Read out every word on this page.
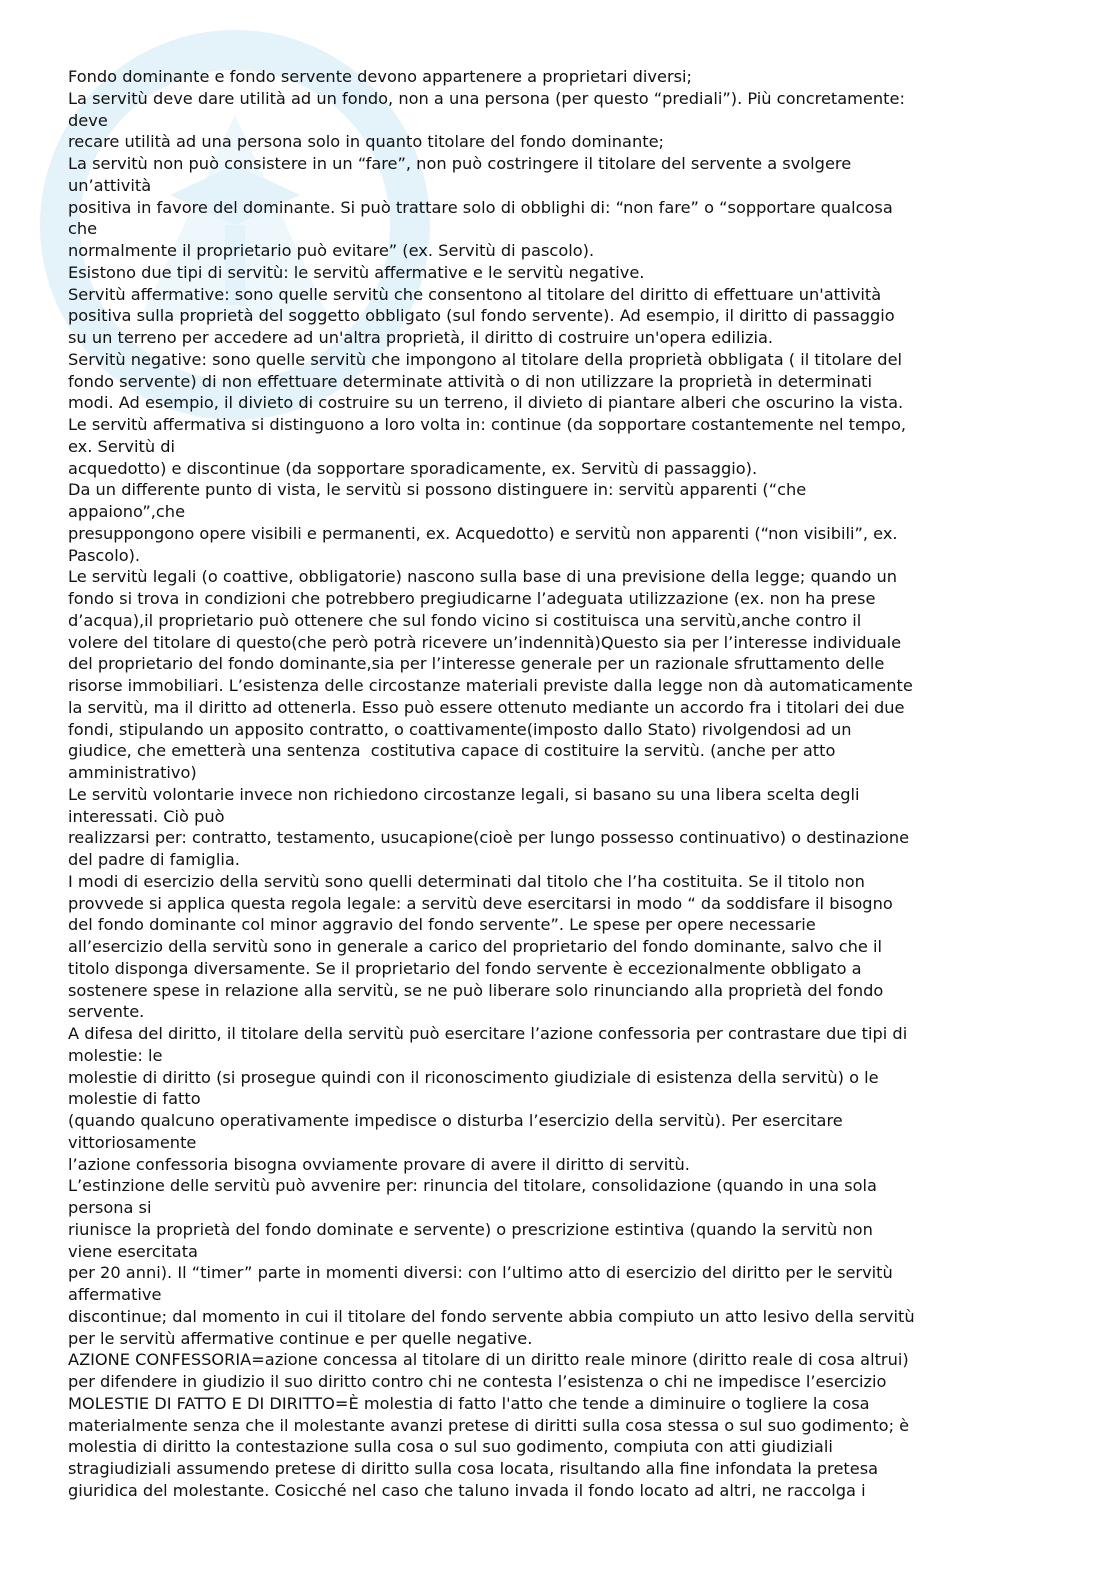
Fondo dominante e fondo servente devono appartenere a proprietari diversi;
La servitù deve dare utilità ad un fondo, non a una persona (per questo “prediali”). Più concretamente:
deve
recare utilità ad una persona solo in quanto titolare del fondo dominante;
La servitù non può consistere in un “fare”, non può costringere il titolare del servente a svolgere
un’attività
positiva in favore del dominante. Si può trattare solo di obblighi di: “non fare” o “sopportare qualcosa
che
normalmente il proprietario può evitare” (ex. Servitù di pascolo).
Esistono due tipi di servitù: le servitù affermative e le servitù negative.
Servitù affermative: sono quelle servitù che consentono al titolare del diritto di effettuare un'attività
positiva sulla proprietà del soggetto obbligato (sul fondo servente). Ad esempio, il diritto di passaggio
su un terreno per accedere ad un'altra proprietà, il diritto di costruire un'opera edilizia.
Servitù negative: sono quelle servitù che impongono al titolare della proprietà obbligata ( il titolare del
fondo servente) di non effettuare determinate attività o di non utilizzare la proprietà in determinati
modi. Ad esempio, il divieto di costruire su un terreno, il divieto di piantare alberi che oscurino la vista.
Le servitù affermativa si distinguono a loro volta in: continue (da sopportare costantemente nel tempo,
ex. Servitù di
acquedotto) e discontinue (da sopportare sporadicamente, ex. Servitù di passaggio).
Da un differente punto di vista, le servitù si possono distinguere in: servitù apparenti (“che
appaiono”,che
presuppongono opere visibili e permanenti, ex. Acquedotto) e servitù non apparenti (“non visibili”, ex.
Pascolo).
Le servitù legali (o coattive, obbligatorie) nascono sulla base di una previsione della legge; quando un
fondo si trova in condizioni che potrebbero pregiudicarne l’adeguata utilizzazione (ex. non ha prese
d’acqua),il proprietario può ottenere che sul fondo vicino si costituisca una servitù,anche contro il
volere del titolare di questo(che però potrà ricevere un’indennità)Questo sia per l’interesse individuale
del proprietario del fondo dominante,sia per l’interesse generale per un razionale sfruttamento delle
risorse immobiliari. L’esistenza delle circostanze materiali previste dalla legge non dà automaticamente
la servitù, ma il diritto ad ottenerla. Esso può essere ottenuto mediante un accordo fra i titolari dei due
fondi, stipulando un apposito contratto, o coattivamente(imposto dallo Stato) rivolgendosi ad un
giudice, che emetterà una sentenza  costitutiva capace di costituire la servitù. (anche per atto
amministrativo)
Le servitù volontarie invece non richiedono circostanze legali, si basano su una libera scelta degli
interessati. Ciò può
realizzarsi per: contratto, testamento, usucapione(cioè per lungo possesso continuativo) o destinazione
del padre di famiglia.
I modi di esercizio della servitù sono quelli determinati dal titolo che l’ha costituita. Se il titolo non
provvede si applica questa regola legale: a servitù deve esercitarsi in modo “ da soddisfare il bisogno
del fondo dominante col minor aggravio del fondo servente”. Le spese per opere necessarie
all’esercizio della servitù sono in generale a carico del proprietario del fondo dominante, salvo che il
titolo disponga diversamente. Se il proprietario del fondo servente è eccezionalmente obbligato a
sostenere spese in relazione alla servitù, se ne può liberare solo rinunciando alla proprietà del fondo
servente.
A difesa del diritto, il titolare della servitù può esercitare l’azione confessoria per contrastare due tipi di
molestie: le
molestie di diritto (si prosegue quindi con il riconoscimento giudiziale di esistenza della servitù) o le
molestie di fatto
(quando qualcuno operativamente impedisce o disturba l’esercizio della servitù). Per esercitare
vittoriosamente
l’azione confessoria bisogna ovviamente provare di avere il diritto di servitù.
L’estinzione delle servitù può avvenire per: rinuncia del titolare, consolidazione (quando in una sola
persona si
riunisce la proprietà del fondo dominate e servente) o prescrizione estintiva (quando la servitù non
viene esercitata
per 20 anni). Il “timer” parte in momenti diversi: con l’ultimo atto di esercizio del diritto per le servitù
affermative
discontinue; dal momento in cui il titolare del fondo servente abbia compiuto un atto lesivo della servitù
per le servitù affermative continue e per quelle negative.
AZIONE CONFESSORIA=azione concessa al titolare di un diritto reale minore (diritto reale di cosa altrui)
per difendere in giudizio il suo diritto contro chi ne contesta l’esistenza o chi ne impedisce l’esercizio
MOLESTIE DI FATTO E DI DIRITTO=È molestia di fatto l'atto che tende a diminuire o togliere la cosa
materialmente senza che il molestante avanzi pretese di diritti sulla cosa stessa o sul suo godimento; è
molestia di diritto la contestazione sulla cosa o sul suo godimento, compiuta con atti giudiziali
stragiudiziali assumendo pretese di diritto sulla cosa locata, risultando alla fine infondata la pretesa
giuridica del molestante. Cosicché nel caso che taluno invada il fondo locato ad altri, ne raccolga i
